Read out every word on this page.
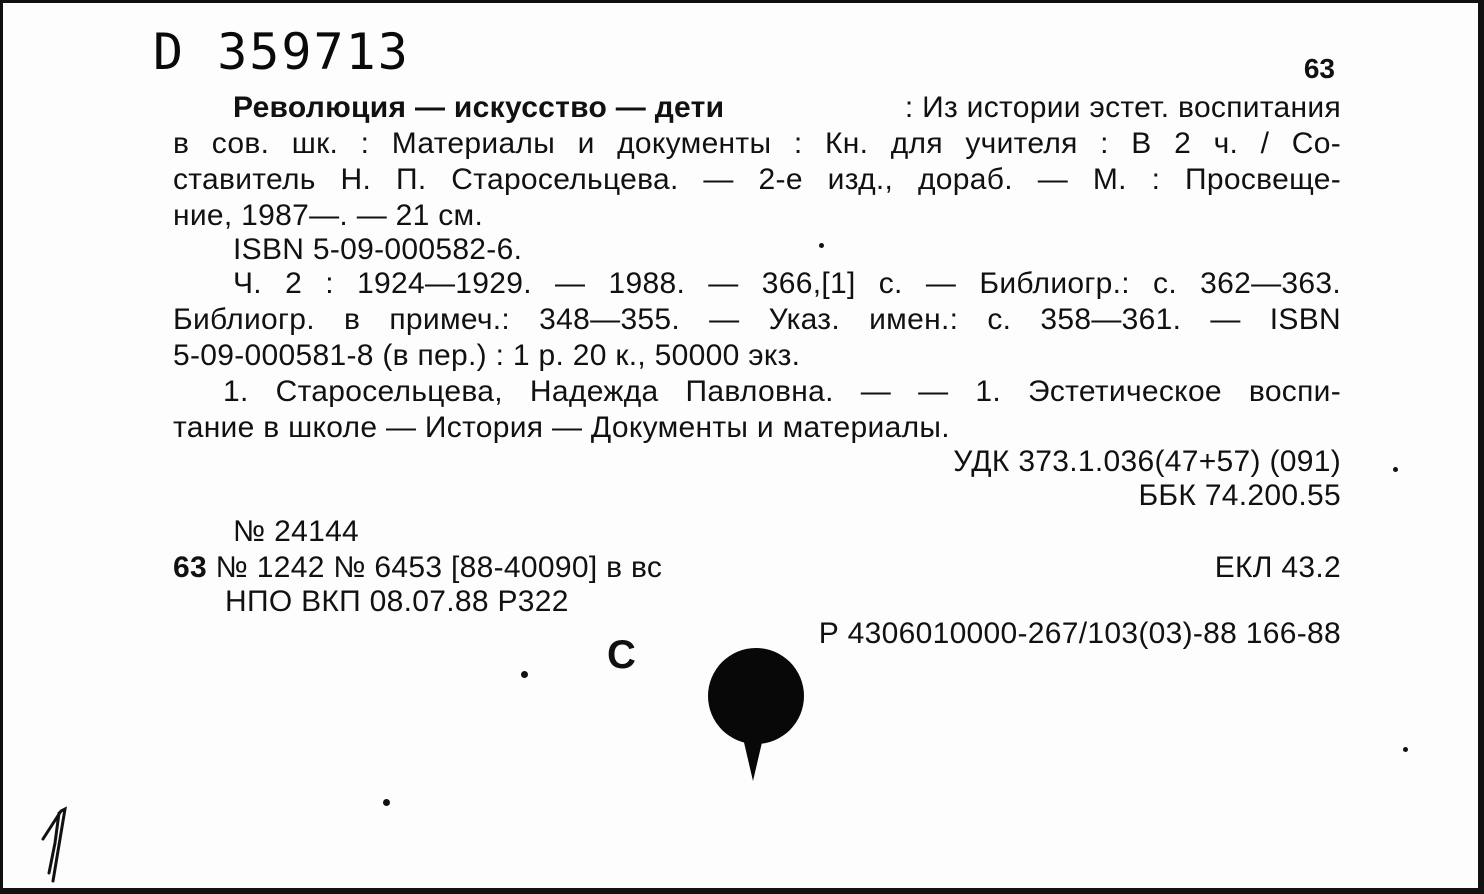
D 359713	63
Революция — искусство — дети	: Из истории эстет. воспитания
в сов. шк. : Материалы и документы : Кн. для учителя : В 2 ч. / Со-
ставитель Н. П. Старосельцева. — 2-е изд., дораб. — М. : Просвеще-
ние, 1987—. — 21 см.
ISBN 5-09-000582-6.
Ч. 2 : 1924—1929. — 1988. — 366,[1] с. — Библиогр.: с. 362—363.
Библиогр. в примеч.: 348—355. — Указ. имен.: с. 358—361. — ISBN
5-09-000581-8 (в пер.) : 1 р. 20 к., 50000 экз.
1. Старосельцева, Надежда Павловна. — — 1. Эстетическое воспи-
тание в школе — История — Документы и материалы.
УДК 373.1.036(47+57) (091)
ББК 74.200.55
№ 24144
63 № 1242 № 6453 [88-40090] в вс	ЕКЛ 43.2
НПО ВКП 08.07.88 Р322
Р 4306010000-267/103(03)-88 166-88
С
